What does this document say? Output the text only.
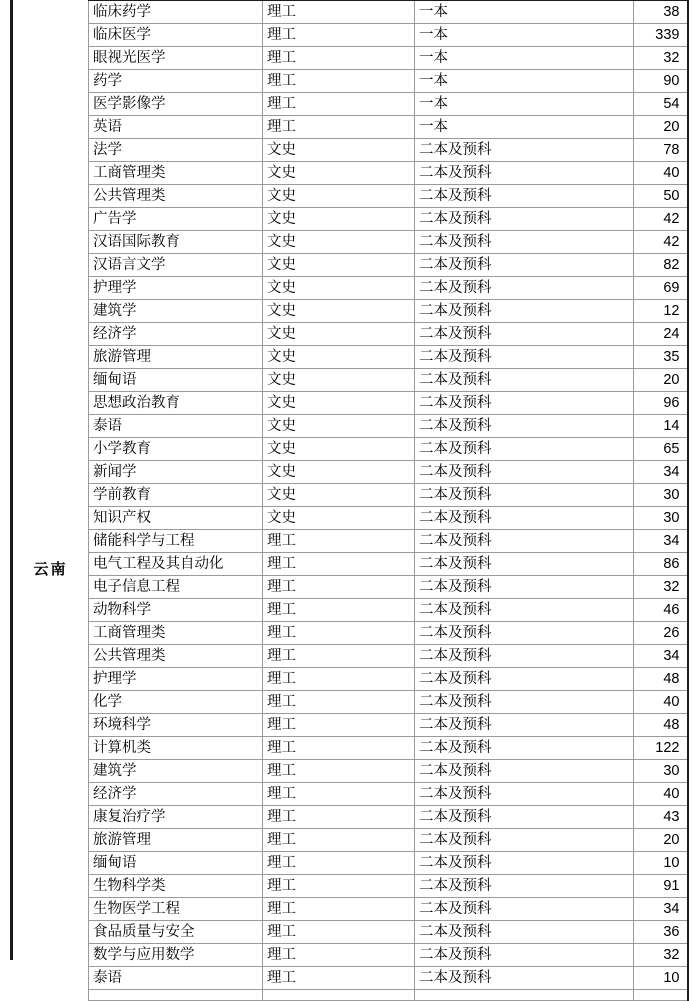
云南
临床药学	理工	一本	38
临床医学	理工	一本	339
眼视光医学	理工	一本	32
药学	理工	一本	90
医学影像学	理工	一本	54
英语	理工	一本	20
法学	文史	二本及预科	78
工商管理类	文史	二本及预科	40
公共管理类	文史	二本及预科	50
广告学	文史	二本及预科	42
汉语国际教育	文史	二本及预科	42
汉语言文学	文史	二本及预科	82
护理学	文史	二本及预科	69
建筑学	文史	二本及预科	12
经济学	文史	二本及预科	24
旅游管理	文史	二本及预科	35
缅甸语	文史	二本及预科	20
思想政治教育	文史	二本及预科	96
泰语	文史	二本及预科	14
小学教育	文史	二本及预科	65
新闻学	文史	二本及预科	34
学前教育	文史	二本及预科	30
知识产权	文史	二本及预科	30
储能科学与工程	理工	二本及预科	34
电气工程及其自动化	理工	二本及预科	86
电子信息工程	理工	二本及预科	32
动物科学	理工	二本及预科	46
工商管理类	理工	二本及预科	26
公共管理类	理工	二本及预科	34
护理学	理工	二本及预科	48
化学	理工	二本及预科	40
环境科学	理工	二本及预科	48
计算机类	理工	二本及预科	122
建筑学	理工	二本及预科	30
经济学	理工	二本及预科	40
康复治疗学	理工	二本及预科	43
旅游管理	理工	二本及预科	20
缅甸语	理工	二本及预科	10
生物科学类	理工	二本及预科	91
生物医学工程	理工	二本及预科	34
食品质量与安全	理工	二本及预科	36
数学与应用数学	理工	二本及预科	32
泰语	理工	二本及预科	10
